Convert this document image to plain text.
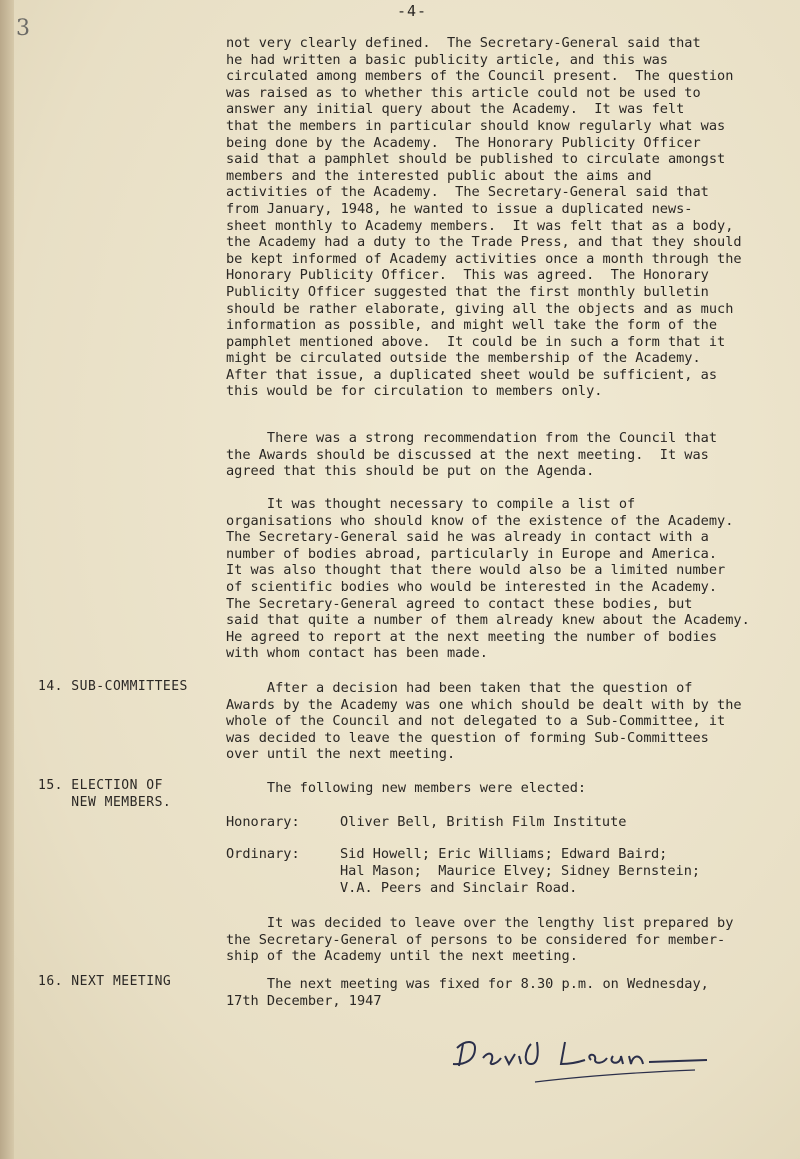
3
-4-
not very clearly defined.  The Secretary-General said that
he had written a basic publicity article, and this was
circulated among members of the Council present.  The question
was raised as to whether this article could not be used to
answer any initial query about the Academy.  It was felt
that the members in particular should know regularly what was
being done by the Academy.  The Honorary Publicity Officer
said that a pamphlet should be published to circulate amongst
members and the interested public about the aims and
activities of the Academy.  The Secretary-General said that
from January, 1948, he wanted to issue a duplicated news-
sheet monthly to Academy members.  It was felt that as a body,
the Academy had a duty to the Trade Press, and that they should
be kept informed of Academy activities once a month through the
Honorary Publicity Officer.  This was agreed.  The Honorary
Publicity Officer suggested that the first monthly bulletin
should be rather elaborate, giving all the objects and as much
information as possible, and might well take the form of the
pamphlet mentioned above.  It could be in such a form that it
might be circulated outside the membership of the Academy.
After that issue, a duplicated sheet would be sufficient, as
this would be for circulation to members only.
There was a strong recommendation from the Council that
the Awards should be discussed at the next meeting.  It was
agreed that this should be put on the Agenda.
It was thought necessary to compile a list of
organisations who should know of the existence of the Academy.
The Secretary-General said he was already in contact with a
number of bodies abroad, particularly in Europe and America.
It was also thought that there would also be a limited number
of scientific bodies who would be interested in the Academy.
The Secretary-General agreed to contact these bodies, but
said that quite a number of them already knew about the Academy.
He agreed to report at the next meeting the number of bodies
with whom contact has been made.
14. SUB-COMMITTEES	After a decision had been taken that the question of
Awards by the Academy was one which should be dealt with by the
whole of the Council and not delegated to a Sub-Committee, it
was decided to leave the question of forming Sub-Committees
over until the next meeting.
15. ELECTION OF
NEW MEMBERS.
The following new members were elected:
Honorary:	Oliver Bell, British Film Institute
Ordinary:	Sid Howell; Eric Williams; Edward Baird;
Hal Mason;  Maurice Elvey; Sidney Bernstein;
V.A. Peers and Sinclair Road.
It was decided to leave over the lengthy list prepared by
the Secretary-General of persons to be considered for member-
ship of the Academy until the next meeting.
16. NEXT MEETING	The next meeting was fixed for 8.30 p.m. on Wednesday,
17th December, 1947
